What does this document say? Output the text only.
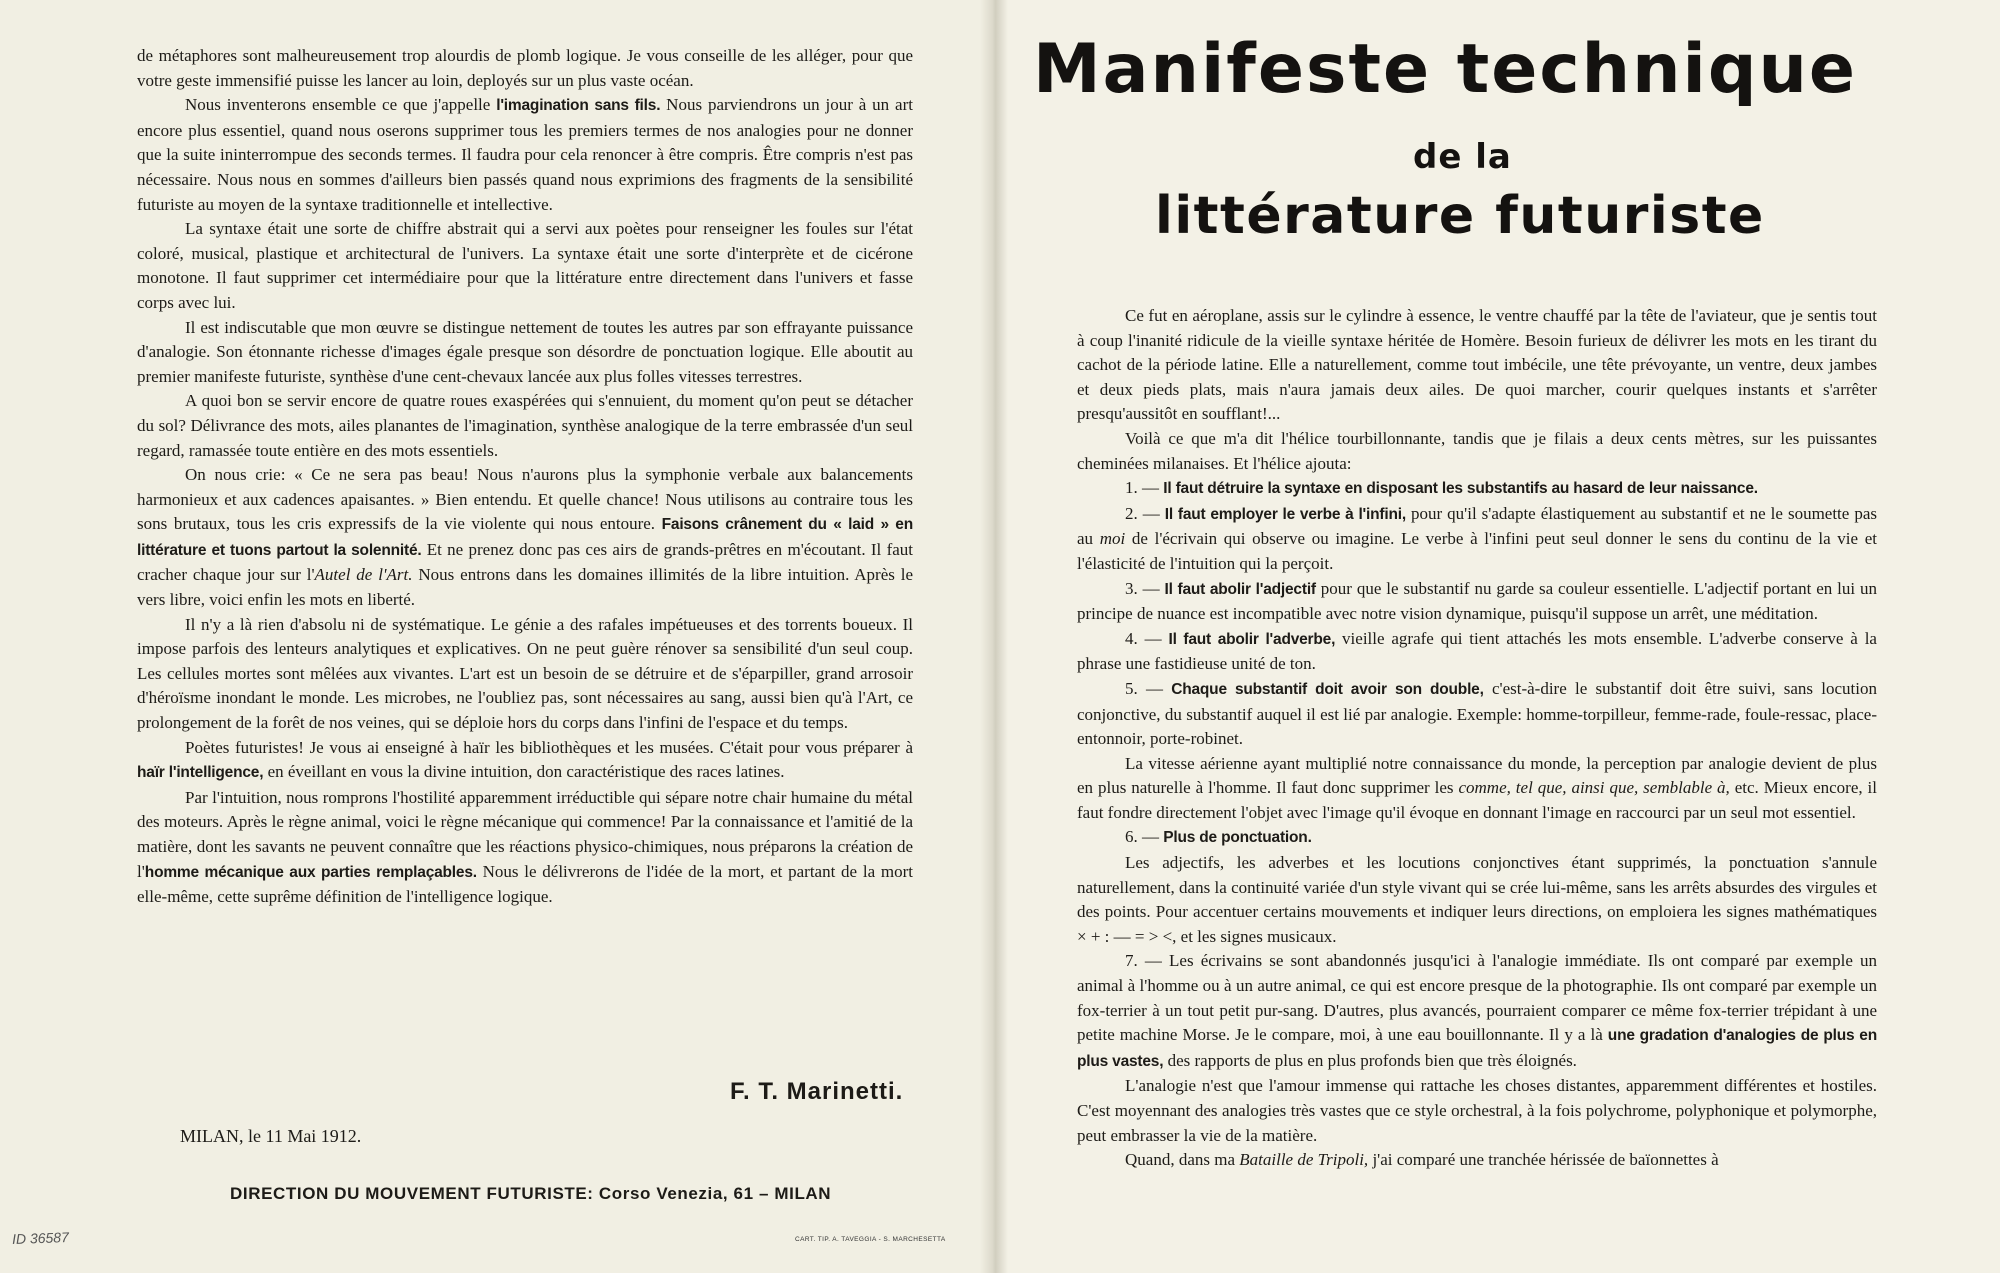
de métaphores sont malheureusement trop alourdis de plomb logique. Je vous conseille de les alléger, pour que votre geste immensifié puisse les lancer au loin, deployés sur un plus vaste océan.

Nous inventerons ensemble ce que j'appelle l'imagination sans fils. Nous parviendrons un jour à un art encore plus essentiel, quand nous oserons supprimer tous les premiers termes de nos analogies pour ne donner que la suite ininterrompue des seconds termes. Il faudra pour cela renoncer à être compris. Être compris n'est pas nécessaire. Nous nous en sommes d'ailleurs bien passés quand nous exprimions des fragments de la sensibilité futuriste au moyen de la syntaxe traditionnelle et intellective.

La syntaxe était une sorte de chiffre abstrait qui a servi aux poètes pour renseigner les foules sur l'état coloré, musical, plastique et architectural de l'univers. La syntaxe était une sorte d'interprète et de cicérone monotone. Il faut supprimer cet intermédiaire pour que la littérature entre directement dans l'univers et fasse corps avec lui.

Il est indiscutable que mon œuvre se distingue nettement de toutes les autres par son effrayante puissance d'analogie. Son étonnante richesse d'images égale presque son désordre de ponctuation logique. Elle aboutit au premier manifeste futuriste, synthèse d'une cent-chevaux lancée aux plus folles vitesses terrestres.

A quoi bon se servir encore de quatre roues exaspérées qui s'ennuient, du moment qu'on peut se détacher du sol? Délivrance des mots, ailes planantes de l'imagination, synthèse analogique de la terre embrassée d'un seul regard, ramassée toute entière en des mots essentiels.

On nous crie: « Ce ne sera pas beau! Nous n'aurons plus la symphonie verbale aux balancements harmonieux et aux cadences apaisantes. » Bien entendu. Et quelle chance! Nous utilisons au contraire tous les sons brutaux, tous les cris expressifs de la vie violente qui nous entoure. Faisons crânement du « laid » en littérature et tuons partout la solennité. Et ne prenez donc pas ces airs de grands-prêtres en m'écoutant. Il faut cracher chaque jour sur l'Autel de l'Art. Nous entrons dans les domaines illimités de la libre intuition. Après le vers libre, voici enfin les mots en liberté.

Il n'y a là rien d'absolu ni de systématique. Le génie a des rafales impétueuses et des torrents boueux. Il impose parfois des lenteurs analytiques et explicatives. On ne peut guère rénover sa sensibilité d'un seul coup. Les cellules mortes sont mêlées aux vivantes. L'art est un besoin de se détruire et de s'éparpiller, grand arrosoir d'héroïsme inondant le monde. Les microbes, ne l'oubliez pas, sont nécessaires au sang, aussi bien qu'à l'Art, ce prolongement de la forêt de nos veines, qui se déploie hors du corps dans l'infini de l'espace et du temps.

Poètes futuristes! Je vous ai enseigné à haïr les bibliothèques et les musées. C'était pour vous préparer à haïr l'intelligence, en éveillant en vous la divine intuition, don caractéristique des races latines.

Par l'intuition, nous romprons l'hostilité apparemment irréductible qui sépare notre chair humaine du métal des moteurs. Après le règne animal, voici le règne mécanique qui commence! Par la connaissance et l'amitié de la matière, dont les savants ne peuvent connaître que les réactions physico-chimiques, nous préparons la création de l'homme mécanique aux parties remplaçables. Nous le délivrerons de l'idée de la mort, et partant de la mort elle-même, cette suprême définition de l'intelligence logique.

F. T. Marinetti.
MILAN, le 11 Mai 1912.
DIRECTION DU MOUVEMENT FUTURISTE: Corso Venezia, 61 – MILAN
CART. TIP. A. TAVEGGIA - S. MARCHESETTA
ID 36587
Manifeste technique
de la
littérature futuriste

Ce fut en aéroplane, assis sur le cylindre à essence, le ventre chauffé par la tête de l'aviateur, que je sentis tout à coup l'inanité ridicule de la vieille syntaxe héritée de Homère. Besoin furieux de délivrer les mots en les tirant du cachot de la période latine. Elle a naturellement, comme tout imbécile, une tête prévoyante, un ventre, deux jambes et deux pieds plats, mais n'aura jamais deux ailes. De quoi marcher, courir quelques instants et s'arrêter presqu'aussitôt en soufflant!...

Voilà ce que m'a dit l'hélice tourbillonnante, tandis que je filais a deux cents mètres, sur les puissantes cheminées milanaises. Et l'hélice ajouta:

1. — Il faut détruire la syntaxe en disposant les substantifs au hasard de leur naissance.

2. — Il faut employer le verbe à l'infini, pour qu'il s'adapte élastiquement au substantif et ne le soumette pas au moi de l'écrivain qui observe ou imagine. Le verbe à l'infini peut seul donner le sens du continu de la vie et l'élasticité de l'intuition qui la perçoit.

3. — Il faut abolir l'adjectif pour que le substantif nu garde sa couleur essentielle. L'adjectif portant en lui un principe de nuance est incompatible avec notre vision dynamique, puisqu'il suppose un arrêt, une méditation.

4. — Il faut abolir l'adverbe, vieille agrafe qui tient attachés les mots ensemble. L'adverbe conserve à la phrase une fastidieuse unité de ton.

5. — Chaque substantif doit avoir son double, c'est-à-dire le substantif doit être suivi, sans locution conjonctive, du substantif auquel il est lié par analogie. Exemple: homme-torpilleur, femme-rade, foule-ressac, place-entonnoir, porte-robinet.

La vitesse aérienne ayant multiplié notre connaissance du monde, la perception par analogie devient de plus en plus naturelle à l'homme. Il faut donc supprimer les comme, tel que, ainsi que, semblable à, etc. Mieux encore, il faut fondre directement l'objet avec l'image qu'il évoque en donnant l'image en raccourci par un seul mot essentiel.

6. — Plus de ponctuation.

Les adjectifs, les adverbes et les locutions conjonctives étant supprimés, la ponctuation s'annule naturellement, dans la continuité variée d'un style vivant qui se crée lui-même, sans les arrêts absurdes des virgules et des points. Pour accentuer certains mouvements et indiquer leurs directions, on emploiera les signes mathématiques × + : — = > <, et les signes musicaux.

7. — Les écrivains se sont abandonnés jusqu'ici à l'analogie immédiate. Ils ont comparé par exemple un animal à l'homme ou à un autre animal, ce qui est encore presque de la photographie. Ils ont comparé par exemple un fox-terrier à un tout petit pur-sang. D'autres, plus avancés, pourraient comparer ce même fox-terrier trépidant à une petite machine Morse. Je le compare, moi, à une eau bouillonnante. Il y a là une gradation d'analogies de plus en plus vastes, des rapports de plus en plus profonds bien que très éloignés.

L'analogie n'est que l'amour immense qui rattache les choses distantes, apparemment différentes et hostiles. C'est moyennant des analogies très vastes que ce style orchestral, à la fois polychrome, polyphonique et polymorphe, peut embrasser la vie de la matière.

Quand, dans ma Bataille de Tripoli, j'ai comparé une tranchée hérissée de baïonnettes à
